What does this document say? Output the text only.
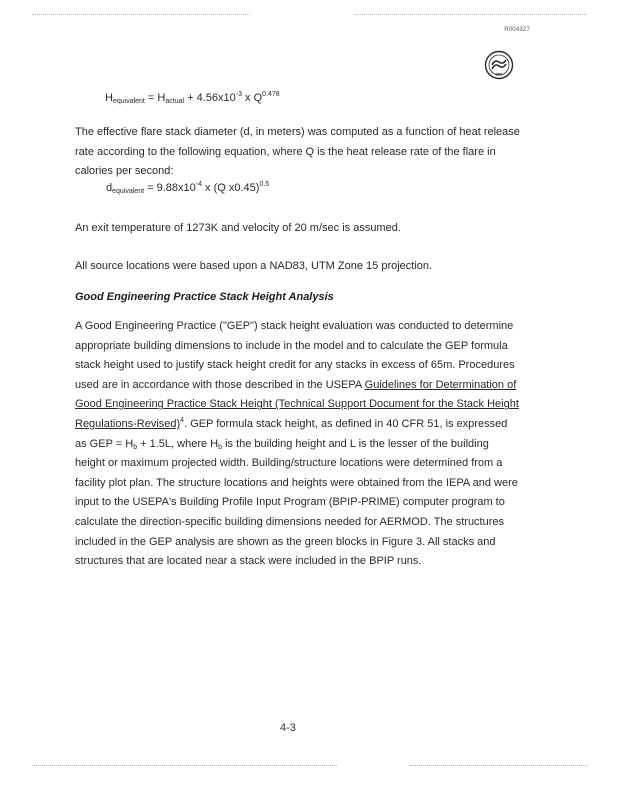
R004327
EPA
$H_{equivalent} = H_{actual} + 4.56x10^{-3}$ x $Q^{0.478}$
The effective flare stack diameter (d, in meters) was computed as a function of heat release rate according to the following equation, where Q is the heat release rate of the flare in calories per second:
$d_{equivalent} = 9.88x10^{-4}$ x (Q x0.45)$^{0.5}$
An exit temperature of 1273K and velocity of 20 m/sec is assumed.
All source locations were based upon a NAD83, UTM Zone 15 projection.
Good Engineering Practice Stack Height Analysis
A Good Engineering Practice ("GEP") stack height evaluation was conducted to determine appropriate building dimensions to include in the model and to calculate the GEP formula stack height used to justify stack height credit for any stacks in excess of 65m. Procedures used are in accordance with those described in the USEPA Guidelines for Determination of Good Engineering Practice Stack Height (Technical Support Document for the Stack Height Regulations-Revised)$^4$. GEP formula stack height, as defined in 40 CFR 51, is expressed as GEP = $H_b + 1.5L$, where $H_b$ is the building height and L is the lesser of the building height or maximum projected width. Building/structure locations were determined from a facility plot plan. The structure locations and heights were obtained from the IEPA and were input to the USEPA's Building Profile Input Program (BPIP-PRIME) computer program to calculate the direction-specific building dimensions needed for AERMOD. The structures included in the GEP analysis are shown as the green blocks in Figure 3. All stacks and structures that are located near a stack were included in the BPIP runs.
4-3
